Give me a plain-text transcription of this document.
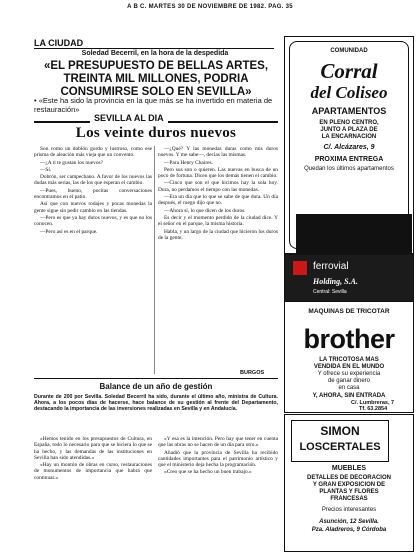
A B C. MARTES 30 DE NOVIEMBRE DE 1982. PAG. 35
LA CIUDAD
Soledad Becerril, en la hora de la despedida
«EL PRESUPUESTO DE BELLAS ARTES, TREINTA MIL MILLONES, PODRIA CONSUMIRSE SOLO EN SEVILLA»
• «Este ha sido la provincia en la que más se ha invertido en materia de restauración»
SEVILLA AL DIA
Los veinte duros nuevos

Son como un doblón gordo y lustroso, como ese prisma de aleación más vieja que un convento.

—¿A ti te gustan los nuevos?

—Sí.

Dobrón, ser campechano. A favor de los nuevos las dudas más serias, las de los que esperan el cambio.

—Pues, bueno, pocitas conversaciones encontramos en el patio.

Así que con nuevos rodajes y pocas monedas la gente sigue sin pedir cambio en las tiendas.

—Pero es que ya hay duros nuevos, y es que no los conocen.

—Pero así es en el parque.

—¿Qué? Y las monedas duras como mis duros nuevos. Y me sabe—, decías las mismas.

—Para Henry Chaires.

Pero sus son o quieren. Las nuevas en busca de un poco de fortuna. Dicen que los demás tienen el cambio.

—Cinco que son el que hicimos hay la sola hoy. Dura, no perdamos el tiempo con las monedas.

—Era un día que lo que se sabe de que dura. Un día después, el ruego dijo que no.

—Ahora sí, lo que dicen de los duros.

Es decir y el momento perdido de la ciudad dice. Y el señor en el parque, la misma historia.

Habla, y un largo de la ciudad que hicieron los duros de la gente.

BURGOS
Balance de un año de gestión
Durante de 200 por Sevilla. Soledad Becerril ha sido, durante el último año, ministra de Cultura. Ahora, a los pocos días de hacerse, hace balance de su gestión al frente del Departamento, destacando la importancia de las inversiones realizadas en Sevilla y en Andalucía.

«Hemos tenido en los presupuestos de Cultura, en España, todo lo necesario para que se hiciera lo que se ha hecho, y las demandas de las instituciones en Sevilla han sido atendidas.»

«Hay un montón de obras en curso, restauraciones de monumentos de importancia que habrá que continuar.»

«Y esa es la intención. Pero hay que tener en cuenta que las obras no se hacen de un día para otro.»

Añadió que la provincia de Sevilla ha recibido cantidades importantes para el patrimonio artístico y que el ministerio deja hecha la programación.

«Creo que se ha hecho un buen trabajo.»

COMUNIDAD
Corral
del Coliseo
APARTAMENTOS
EN PLENO CENTRO,
JUNTO A PLAZA DE
LA ENCARNACION
C/. Alcázares, 9
PROXIMA ENTREGA
Quedan los últimos apartamentos
ferrovial
Holding, S.A.
Central: Sevilla
MAQUINAS DE TRICOTAR
brother
LA TRICOTOSA MAS
VENDIDA EN EL MUNDO
Y ofrece su experiencia
de ganar dinero
en casa
Y, AHORA, SIN ENTRADA
C/. Lumbreras, 7
Tf. 63.2854
SIMON
LOSCERTALES
MUEBLES
DETALLES DE DECORACION
Y GRAN EXPOSICION DE
PLANTAS Y FLORES
FRANCESAS
Precios interesantes
Asunción, 12 Sevilla.
Pza. Aladreros, 9 Córdoba
